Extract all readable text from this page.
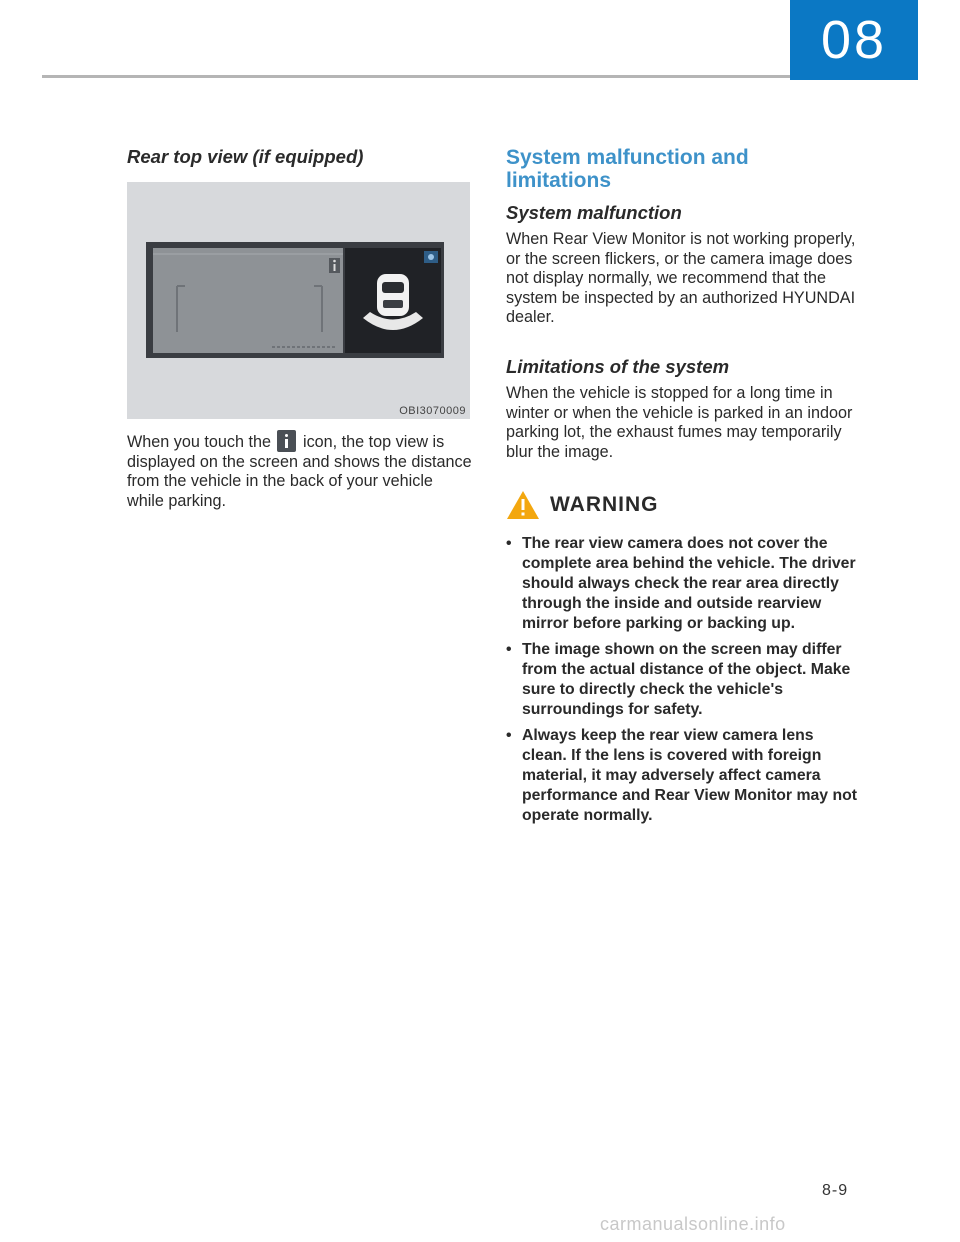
08
Rear top view (if equipped)
OBI3070009

When you touch the icon, the top view is displayed on the screen and shows the distance from the vehicle in the back of your vehicle while parking.

System malfunction and
limitations
System malfunction

When Rear View Monitor is not working properly, or the screen flickers, or the camera image does not display normally, we recommend that the system be inspected by an authorized HYUNDAI dealer.

Limitations of the system

When the vehicle is stopped for a long time in winter or when the vehicle is parked in an indoor parking lot, the exhaust fumes may temporarily blur the image.

WARNING
• The rear view camera does not cover the complete area behind the vehicle. The driver should always check the rear area directly through the inside and outside rearview mirror before parking or backing up.
• The image shown on the screen may differ from the actual distance of the object. Make sure to directly check the vehicle's surroundings for safety.
• Always keep the rear view camera lens clean. If the lens is covered with foreign material, it may adversely affect camera performance and Rear View Monitor may not operate normally.
8-9
carmanualsonline.info
